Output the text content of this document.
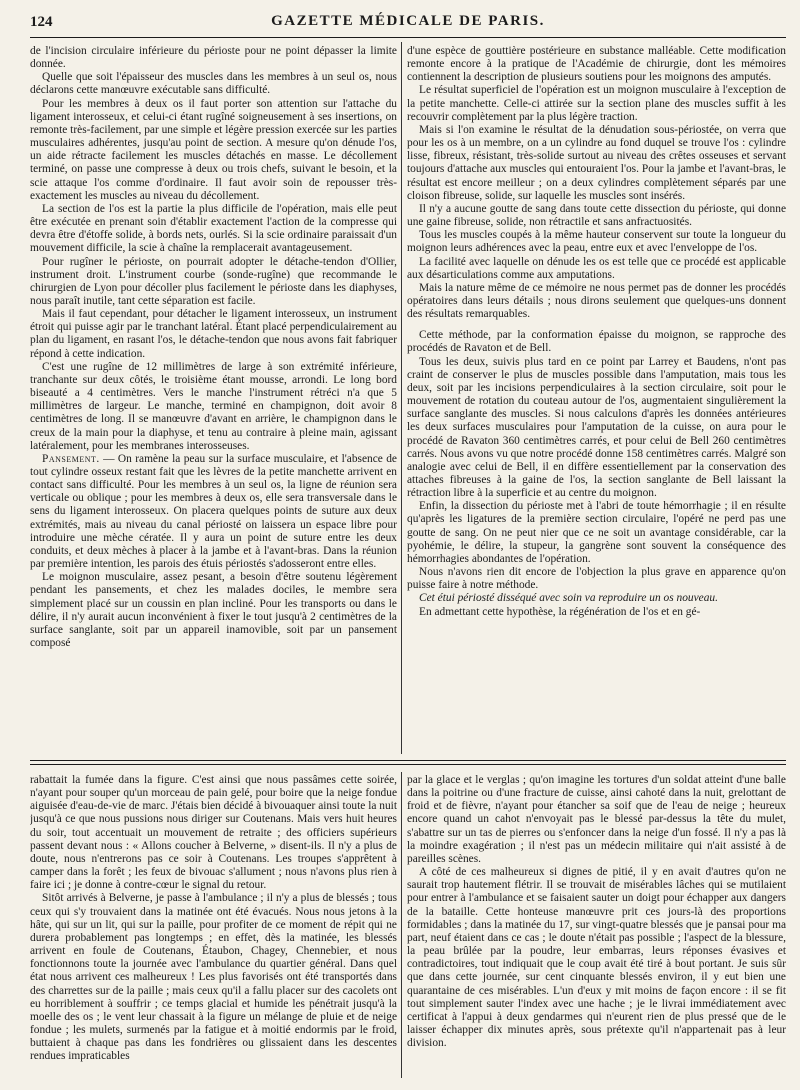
124	GAZETTE MÉDICALE DE PARIS.

de l'incision circulaire inférieure du périoste pour ne point dépasser la limite donnée.

Quelle que soit l'épaisseur des muscles dans les membres à un seul os, nous déclarons cette manœuvre exécutable sans difficulté.

Pour les membres à deux os il faut porter son attention sur l'attache du ligament interosseux, et celui-ci étant rugîné soigneusement à ses insertions, on remonte très-facilement, par une simple et légère pression exercée sur les parties musculaires adhérentes, jusqu'au point de section. A mesure qu'on dénude l'os, un aide rétracte facilement les muscles détachés en masse. Le décollement terminé, on passe une compresse à deux ou trois chefs, suivant le besoin, et la scie attaque l'os comme d'ordinaire. Il faut avoir soin de repousser très-exactement les muscles au niveau du décollement.

La section de l'os est la partie la plus difficile de l'opération, mais elle peut être exécutée en prenant soin d'établir exactement l'action de la compresse qui devra être d'étoffe solide, à bords nets, ourlés. Si la scie ordinaire paraissait d'un mouvement difficile, la scie à chaîne la remplacerait avantageusement.

Pour rugîner le périoste, on pourrait adopter le détache-tendon d'Ollier, instrument droit. L'instrument courbe (sonde-rugîne) que recommande le chirurgien de Lyon pour décoller plus facilement le périoste dans les diaphyses, nous paraît inutile, tant cette séparation est facile.

Mais il faut cependant, pour détacher le ligament interosseux, un instrument étroit qui puisse agir par le tranchant latéral. Étant placé perpendiculairement au plan du ligament, en rasant l'os, le détache-tendon que nous avons fait fabriquer répond à cette indication.

C'est une rugîne de 12 millimètres de large à son extrémité inférieure, tranchante sur deux côtés, le troisième étant mousse, arrondi. Le long bord biseauté a 4 centimètres. Vers le manche l'instrument rétréci n'a que 5 millimètres de largeur. Le manche, terminé en champignon, doit avoir 8 centimètres de long. Il se manœuvre d'avant en arrière, le champignon dans le creux de la main pour la diaphyse, et tenu au contraire à pleine main, agissant latéralement, pour les membranes interosseuses.

Pansement. — On ramène la peau sur la surface musculaire, et l'absence de tout cylindre osseux restant fait que les lèvres de la petite manchette arrivent en contact sans difficulté. Pour les membres à un seul os, la ligne de réunion sera verticale ou oblique ; pour les membres à deux os, elle sera transversale dans le sens du ligament interosseux. On placera quelques points de suture aux deux extrémités, mais au niveau du canal périosté on laissera un espace libre pour introduire une mèche cératée. Il y aura un point de suture entre les deux conduits, et deux mèches à placer à la jambe et à l'avant-bras. Dans la réunion par première intention, les parois des étuis périostés s'adosseront entre elles.

Le moignon musculaire, assez pesant, a besoin d'être soutenu légèrement pendant les pansements, et chez les malades dociles, le membre sera simplement placé sur un coussin en plan incliné. Pour les transports ou dans le délire, il n'y aurait aucun inconvénient à fixer le tout jusqu'à 2 centimètres de la surface sanglante, soit par un appareil inamovible, soit par un pansement composé

d'une espèce de gouttière postérieure en substance malléable. Cette modification remonte encore à la pratique de l'Académie de chirurgie, dont les mémoires contiennent la description de plusieurs soutiens pour les moignons des amputés.

Le résultat superficiel de l'opération est un moignon musculaire à l'exception de la petite manchette. Celle-ci attirée sur la section plane des muscles suffit à les recouvrir complètement par la plus légère traction.

Mais si l'on examine le résultat de la dénudation sous-périostée, on verra que pour les os à un membre, on a un cylindre au fond duquel se trouve l'os : cylindre lisse, fibreux, résistant, très-solide surtout au niveau des crêtes osseuses et servant toujours d'attache aux muscles qui entouraient l'os. Pour la jambe et l'avant-bras, le résultat est encore meilleur ; on a deux cylindres complètement séparés par une cloison fibreuse, solide, sur laquelle les muscles sont insérés.

Il n'y a aucune goutte de sang dans toute cette dissection du périoste, qui donne une gaine fibreuse, solide, non rétractile et sans anfractuosités.

Tous les muscles coupés à la même hauteur conservent sur toute la longueur du moignon leurs adhérences avec la peau, entre eux et avec l'enveloppe de l'os.

La facilité avec laquelle on dénude les os est telle que ce procédé est applicable aux désarticulations comme aux amputations.

Mais la nature même de ce mémoire ne nous permet pas de donner les procédés opératoires dans leurs détails ; nous dirons seulement que quelques-uns donnent des résultats remarquables.

Cette méthode, par la conformation épaisse du moignon, se rapproche des procédés de Ravaton et de Bell.

Tous les deux, suivis plus tard en ce point par Larrey et Baudens, n'ont pas craint de conserver le plus de muscles possible dans l'amputation, mais tous les deux, soit par les incisions perpendiculaires à la section circulaire, soit pour le mouvement de rotation du couteau autour de l'os, augmentaient singulièrement la surface sanglante des muscles. Si nous calculons d'après les données antérieures les deux surfaces musculaires pour l'amputation de la cuisse, on aura pour le procédé de Ravaton 360 centimètres carrés, et pour celui de Bell 260 centimètres carrés. Nous avons vu que notre procédé donne 158 centimètres carrés. Malgré son analogie avec celui de Bell, il en diffère essentiellement par la conservation des attaches fibreuses à la gaine de l'os, la section sanglante de Bell laissant la rétraction libre à la superficie et au centre du moignon.

Enfin, la dissection du périoste met à l'abri de toute hémorrhagie ; il en résulte qu'après les ligatures de la première section circulaire, l'opéré ne perd pas une goutte de sang. On ne peut nier que ce ne soit un avantage considérable, car la pyohémie, le délire, la stupeur, la gangrène sont souvent la conséquence des hémorrhagies abondantes de l'opération.

Nous n'avons rien dit encore de l'objection la plus grave en apparence qu'on puisse faire à notre méthode.

Cet étui périosté disséqué avec soin va reproduire un os nouveau.

En admettant cette hypothèse, la régénération de l'os et en gé-

rabattait la fumée dans la figure. C'est ainsi que nous passâmes cette soirée, n'ayant pour souper qu'un morceau de pain gelé, pour boire que la neige fondue aiguisée d'eau-de-vie de marc. J'étais bien décidé à bivouaquer ainsi toute la nuit jusqu'à ce que nous pussions nous diriger sur Coutenans. Mais vers huit heures du soir, tout accentuait un mouvement de retraite ; des officiers supérieurs passent devant nous : « Allons coucher à Belverne, » disent-ils. Il n'y a plus de doute, nous n'entrerons pas ce soir à Coutenans. Les troupes s'apprêtent à camper dans la forêt ; les feux de bivouac s'allument ; nous n'avons plus rien à faire ici ; je donne à contre-cœur le signal du retour.

Sitôt arrivés à Belverne, je passe à l'ambulance ; il n'y a plus de blessés ; tous ceux qui s'y trouvaient dans la matinée ont été évacués. Nous nous jetons à la hâte, qui sur un lit, qui sur la paille, pour profiter de ce moment de répit qui ne durera probablement pas longtemps ; en effet, dès la matinée, les blessés arrivent en foule de Coutenans, Étaubon, Chagey, Chennebier, et nous fonctionnons toute la journée avec l'ambulance du quartier général. Dans quel état nous arrivent ces malheureux ! Les plus favorisés ont été transportés dans des charrettes sur de la paille ; mais ceux qu'il a fallu placer sur des cacolets ont eu horriblement à souffrir ; ce temps glacial et humide les pénétrait jusqu'à la moelle des os ; le vent leur chassait à la figure un mélange de pluie et de neige fondue ; les mulets, surmenés par la fatigue et à moitié endormis par le froid, buttaient à chaque pas dans les fondrières ou glissaient dans les descentes rendues impraticables

par la glace et le verglas ; qu'on imagine les tortures d'un soldat atteint d'une balle dans la poitrine ou d'une fracture de cuisse, ainsi cahoté dans la nuit, grelottant de froid et de fièvre, n'ayant pour étancher sa soif que de l'eau de neige ; heureux encore quand un cahot n'envoyait pas le blessé par-dessus la tête du mulet, s'abattre sur un tas de pierres ou s'enfoncer dans la neige d'un fossé. Il n'y a pas là la moindre exagération ; il n'est pas un médecin militaire qui n'ait assisté à de pareilles scènes.

A côté de ces malheureux si dignes de pitié, il y en avait d'autres qu'on ne saurait trop hautement flétrir. Il se trouvait de misérables lâches qui se mutilaient pour entrer à l'ambulance et se faisaient sauter un doigt pour échapper aux dangers de la bataille. Cette honteuse manœuvre prit ces jours-là des proportions formidables ; dans la matinée du 17, sur vingt-quatre blessés que je pansai pour ma part, neuf étaient dans ce cas ; le doute n'était pas possible ; l'aspect de la blessure, la peau brûlée par la poudre, leur embarras, leurs réponses évasives et contradictoires, tout indiquait que le coup avait été tiré à bout portant. Je suis sûr que dans cette journée, sur cent cinquante blessés environ, il y eut bien une quarantaine de ces misérables. L'un d'eux y mit moins de façon encore : il se fit tout simplement sauter l'index avec une hache ; je le livrai immédiatement avec certificat à l'appui à deux gendarmes qui n'eurent rien de plus pressé que de le laisser échapper dix minutes après, sous prétexte qu'il n'appartenait pas à leur division.
